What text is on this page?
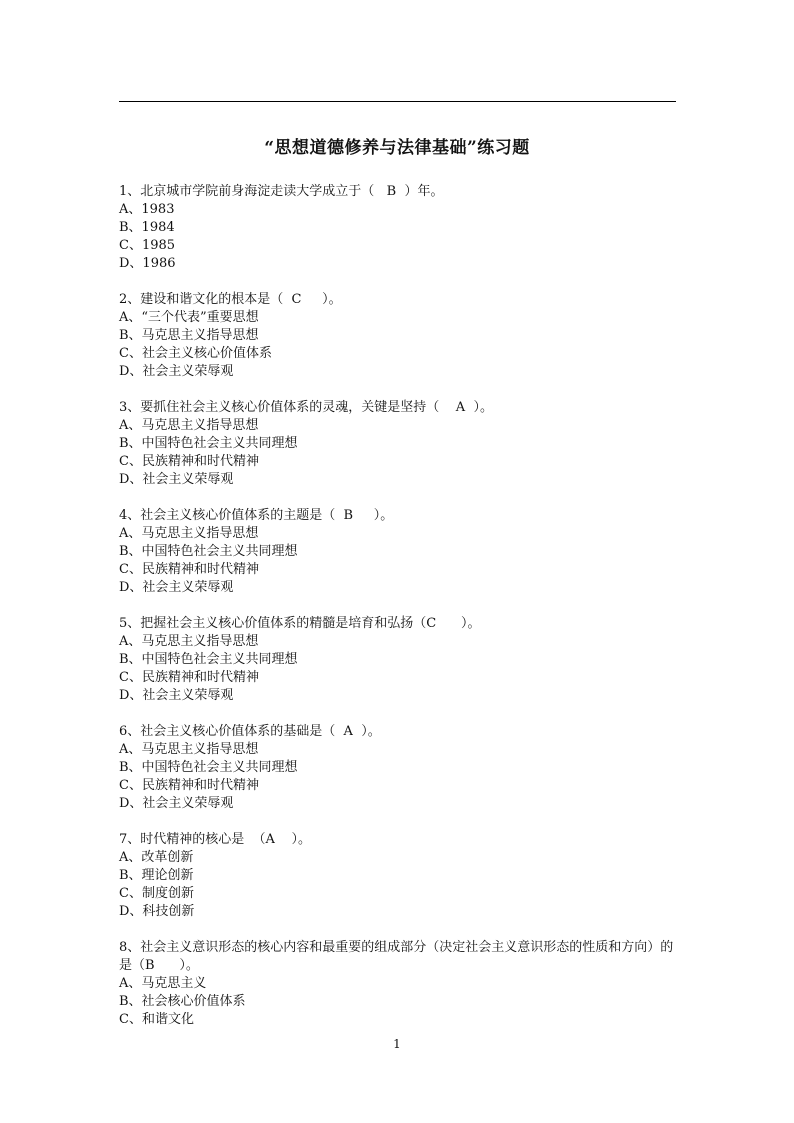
“思想道德修养与法律基础”练习题
1、北京城市学院前身海淀走读大学成立于（   B  ）年。
A、1983
B、1984
C、1985
D、1986
2、建设和谐文化的根本是（  C     ）。
A、“三个代表”重要思想
B、马克思主义指导思想
C、社会主义核心价值体系
D、社会主义荣辱观
3、要抓住社会主义核心价值体系的灵魂，关键是坚持（    A  ）。
A、马克思主义指导思想
B、中国特色社会主义共同理想
C、民族精神和时代精神
D、社会主义荣辱观
4、社会主义核心价值体系的主题是（  B     ）。
A、马克思主义指导思想
B、中国特色社会主义共同理想
C、民族精神和时代精神
D、社会主义荣辱观
5、把握社会主义核心价值体系的精髓是培育和弘扬（C      ）。
A、马克思主义指导思想
B、中国特色社会主义共同理想
C、民族精神和时代精神
D、社会主义荣辱观
6、社会主义核心价值体系的基础是（  A  ）。
A、马克思主义指导思想
B、中国特色社会主义共同理想
C、民族精神和时代精神
D、社会主义荣辱观
7、时代精神的核心是  （A    ）。
A、改革创新
B、理论创新
C、制度创新
D、科技创新
8、社会主义意识形态的核心内容和最重要的组成部分（决定社会主义意识形态的性质和方向）的是（B      ）。
A、马克思主义
B、社会核心价值体系
C、和谐文化
1
